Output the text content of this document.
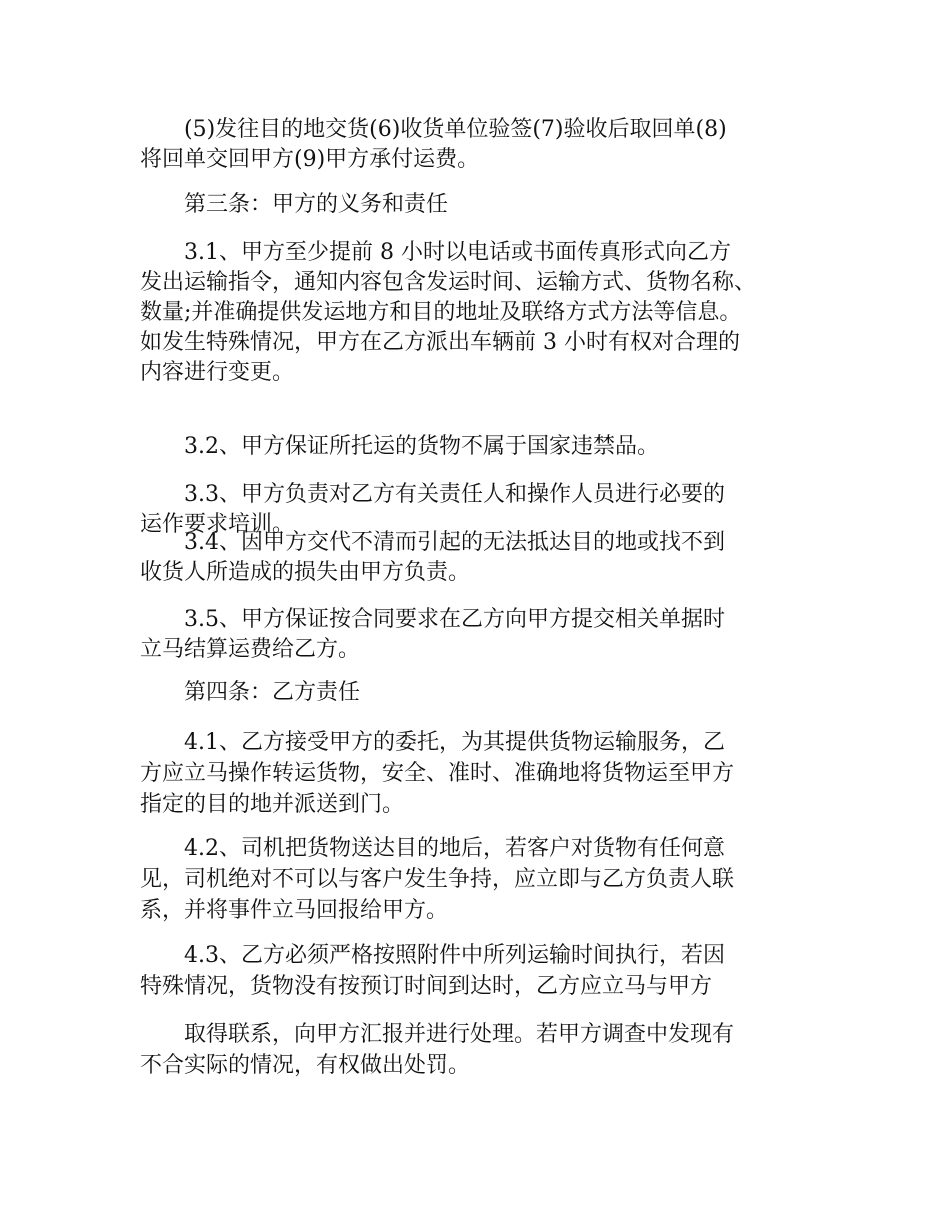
(5)发往目的地交货(6)收货单位验签(7)验收后取回单(8)
将回单交回甲方(9)甲方承付运费。
第三条：甲方的义务和责任
3.1、甲方至少提前 8 小时以电话或书面传真形式向乙方
发出运输指令，通知内容包含发运时间、运输方式、货物名称、
数量;并准确提供发运地方和目的地址及联络方式方法等信息。
如发生特殊情况，甲方在乙方派出车辆前 3 小时有权对合理的
内容进行变更。
3.2、甲方保证所托运的货物不属于国家违禁品。
3.3、甲方负责对乙方有关责任人和操作人员进行必要的
运作要求培训。
3.4、因甲方交代不清而引起的无法抵达目的地或找不到
收货人所造成的损失由甲方负责。
3.5、甲方保证按合同要求在乙方向甲方提交相关单据时
立马结算运费给乙方。
第四条：乙方责任
4.1、乙方接受甲方的委托，为其提供货物运输服务，乙
方应立马操作转运货物，安全、准时、准确地将货物运至甲方
指定的目的地并派送到门。
4.2、司机把货物送达目的地后，若客户对货物有任何意
见，司机绝对不可以与客户发生争持，应立即与乙方负责人联
系，并将事件立马回报给甲方。
4.3、乙方必须严格按照附件中所列运输时间执行，若因
特殊情况，货物没有按预订时间到达时，乙方应立马与甲方
取得联系，向甲方汇报并进行处理。若甲方调查中发现有
不合实际的情况，有权做出处罚。
